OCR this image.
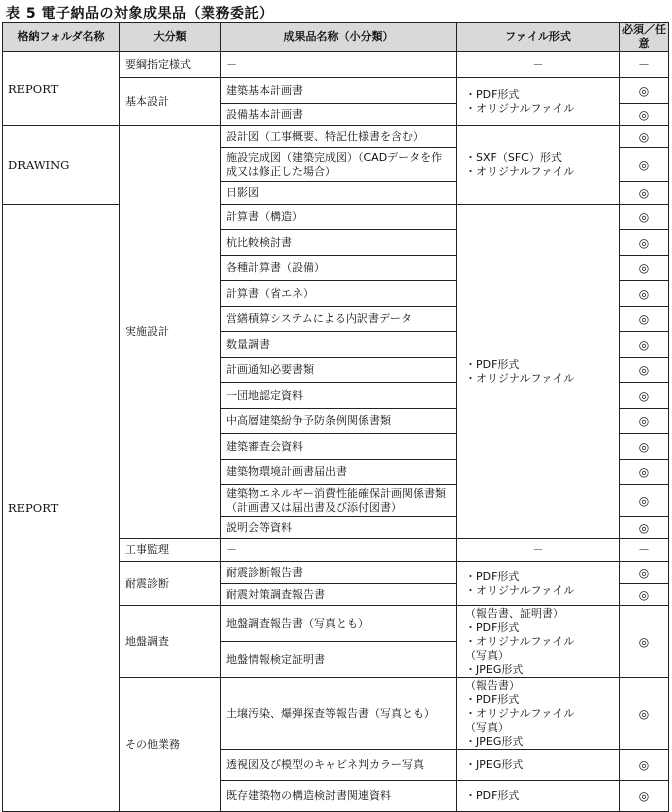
表 5 電子納品の対象成果品（業務委託）
格納フォルダ名称	大分類	成果品名称（小分類）	ファイル形式	必須／任意
REPORT	要綱指定様式	－	－	－
	基本設計	建築基本計画書	・PDF形式
・オリジナルファイル	◎
		設備基本計画書		◎
DRAWING	実施設計	設計図（工事概要、特記仕様書を含む）	・SXF（SFC）形式
・オリジナルファイル	◎
		施設完成図（建築完成図）（CADデータを作成又は修正した場合）		◎
		日影図		◎
REPORT		計算書（構造）	・PDF形式
・オリジナルファイル	◎
		杭比較検討書		◎
		各種計算書（設備）		◎
		計算書（省エネ）		◎
		営繕積算システムによる内訳書データ		◎
		数量調書		◎
		計画通知必要書類		◎
		一団地認定資料		◎
		中高層建築紛争予防条例関係書類		◎
		建築審査会資料		◎
		建築物環境計画書届出書		◎
		建築物エネルギー消費性能確保計画関係書類（計画書又は届出書及び添付図書）		◎
		説明会等資料		◎
	工事監理	－	－	－
	耐震診断	耐震診断報告書	・PDF形式
・オリジナルファイル	◎
		耐震対策調査報告書		◎
	地盤調査	地盤調査報告書（写真とも）	（報告書、証明書）
・PDF形式
・オリジナルファイル
（写真）
・JPEG形式	◎
		地盤情報検定証明書		
	その他業務	土壌汚染、爆弾探査等報告書（写真とも）	（報告書）
・PDF形式
・オリジナルファイル
（写真）
・JPEG形式	◎
		透視図及び模型のキャビネ判カラー写真	・JPEG形式	◎
		既存建築物の構造検討書関連資料	・PDF形式	◎
